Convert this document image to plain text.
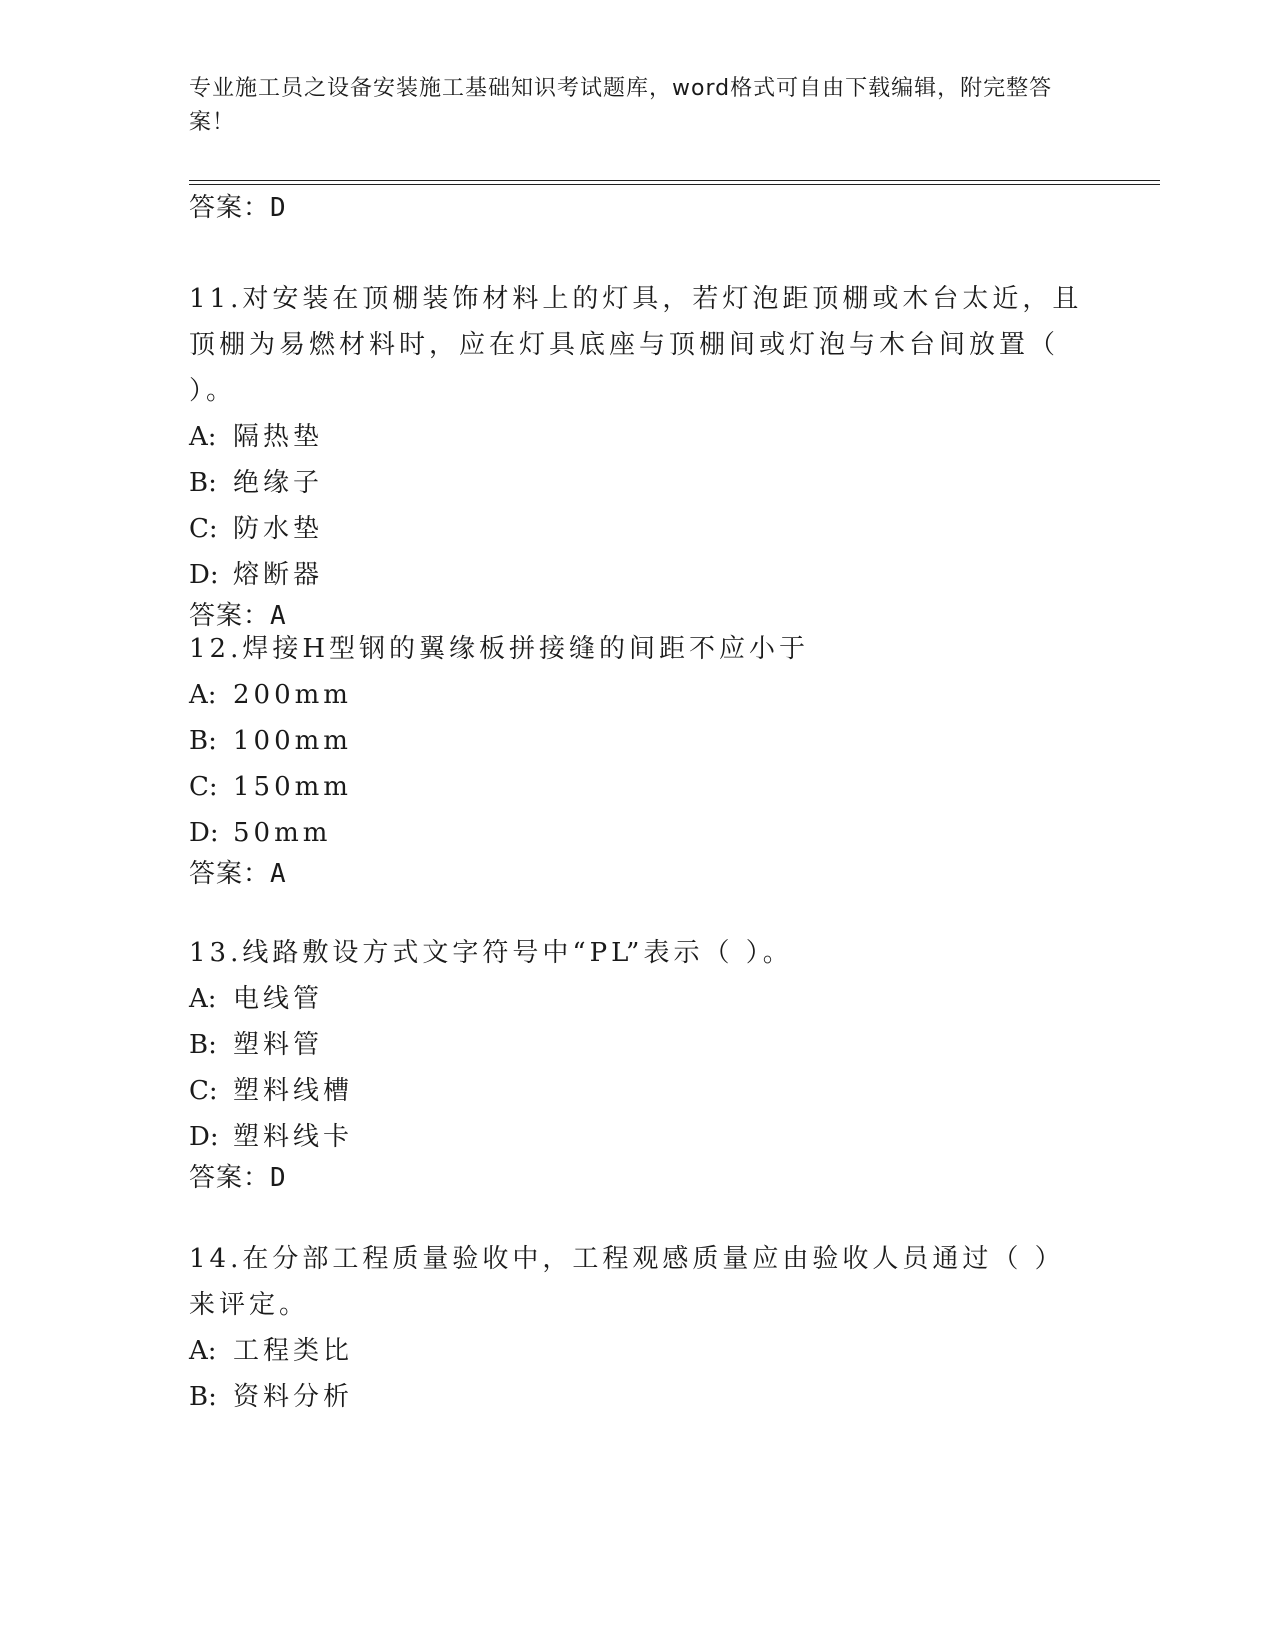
专业施工员之设备安装施工基础知识考试题库，word格式可自由下载编辑，附完整答案！
答案：D
11.对安装在顶棚装饰材料上的灯具，若灯泡距顶棚或木台太近，且顶棚为易燃材料时，应在灯具底座与顶棚间或灯泡与木台间放置（ ）。
A: 隔热垫
B: 绝缘子
C: 防水垫
D: 熔断器
答案：A
12.焊接H型钢的翼缘板拼接缝的间距不应小于
A: 200mm
B: 100mm
C: 150mm
D: 50mm
答案：A
13.线路敷设方式文字符号中“PL”表示（ ）。
A: 电线管
B: 塑料管
C: 塑料线槽
D: 塑料线卡
答案：D
14.在分部工程质量验收中，工程观感质量应由验收人员通过（ ）来评定。
A: 工程类比
B: 资料分析
